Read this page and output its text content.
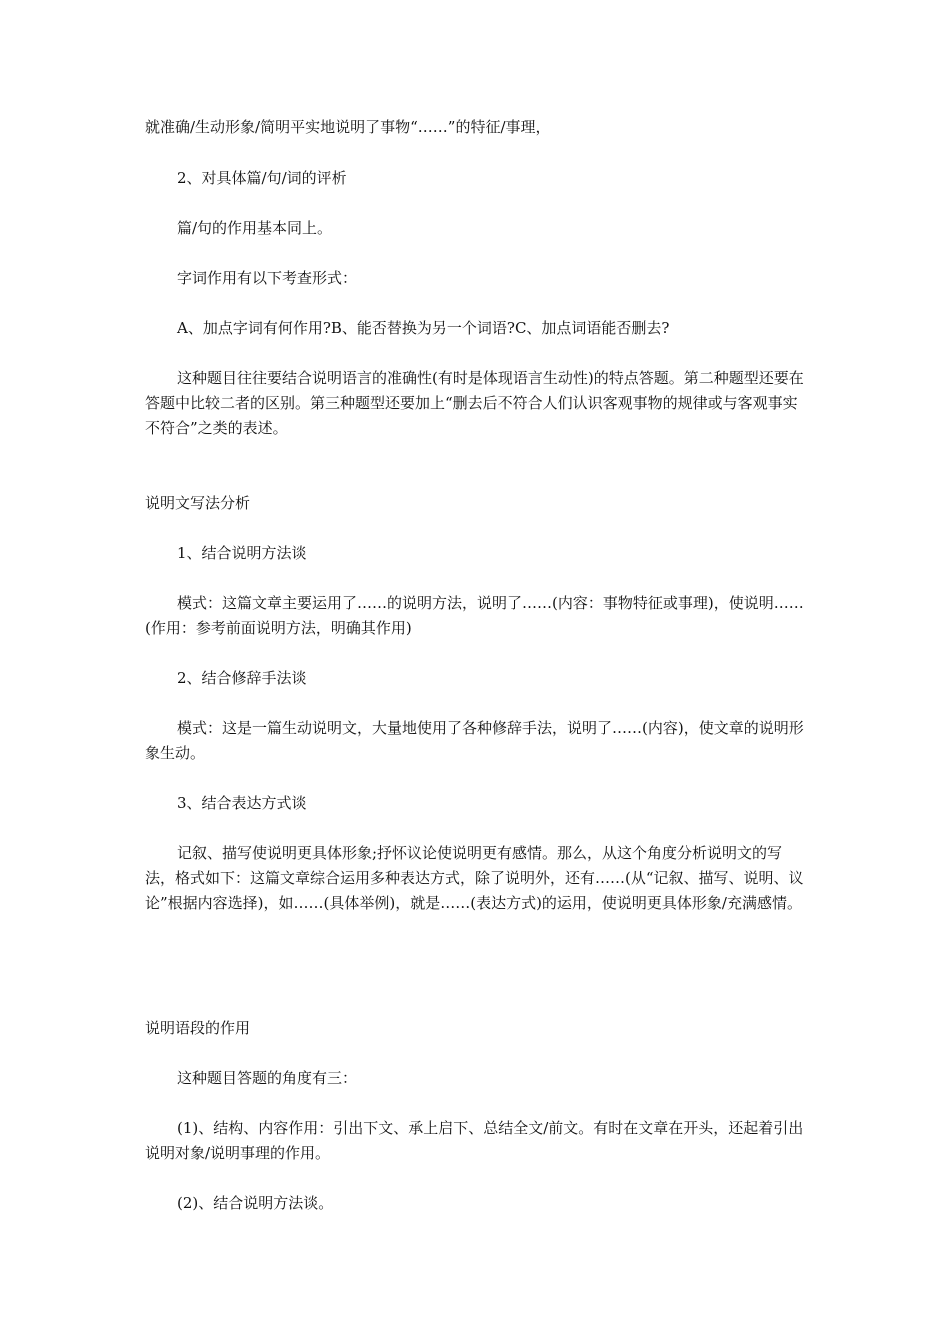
就准确/生动形象/简明平实地说明了事物“……”的特征/事理，

2、对具体篇/句/词的评析

篇/句的作用基本同上。

字词作用有以下考查形式：

A、加点字词有何作用?B、能否替换为另一个词语?C、加点词语能否删去?

这种题目往往要结合说明语言的准确性(有时是体现语言生动性)的特点答题。第二种题型还要在答题中比较二者的区别。第三种题型还要加上“删去后不符合人们认识客观事物的规律或与客观事实不符合”之类的表述。

说明文写法分析

1、结合说明方法谈

模式：这篇文章主要运用了……的说明方法，说明了……(内容：事物特征或事理)，使说明……(作用：参考前面说明方法，明确其作用)

2、结合修辞手法谈

模式：这是一篇生动说明文，大量地使用了各种修辞手法，说明了……(内容)，使文章的说明形象生动。

3、结合表达方式谈

记叙、描写使说明更具体形象;抒怀议论使说明更有感情。那么，从这个角度分析说明文的写法，格式如下：这篇文章综合运用多种表达方式，除了说明外，还有……(从“记叙、描写、说明、议论”根据内容选择)，如……(具体举例)，就是……(表达方式)的运用，使说明更具体形象/充满感情。

说明语段的作用

这种题目答题的角度有三：

(1)、结构、内容作用：引出下文、承上启下、总结全文/前文。有时在文章在开头，还起着引出说明对象/说明事理的作用。

(2)、结合说明方法谈。
